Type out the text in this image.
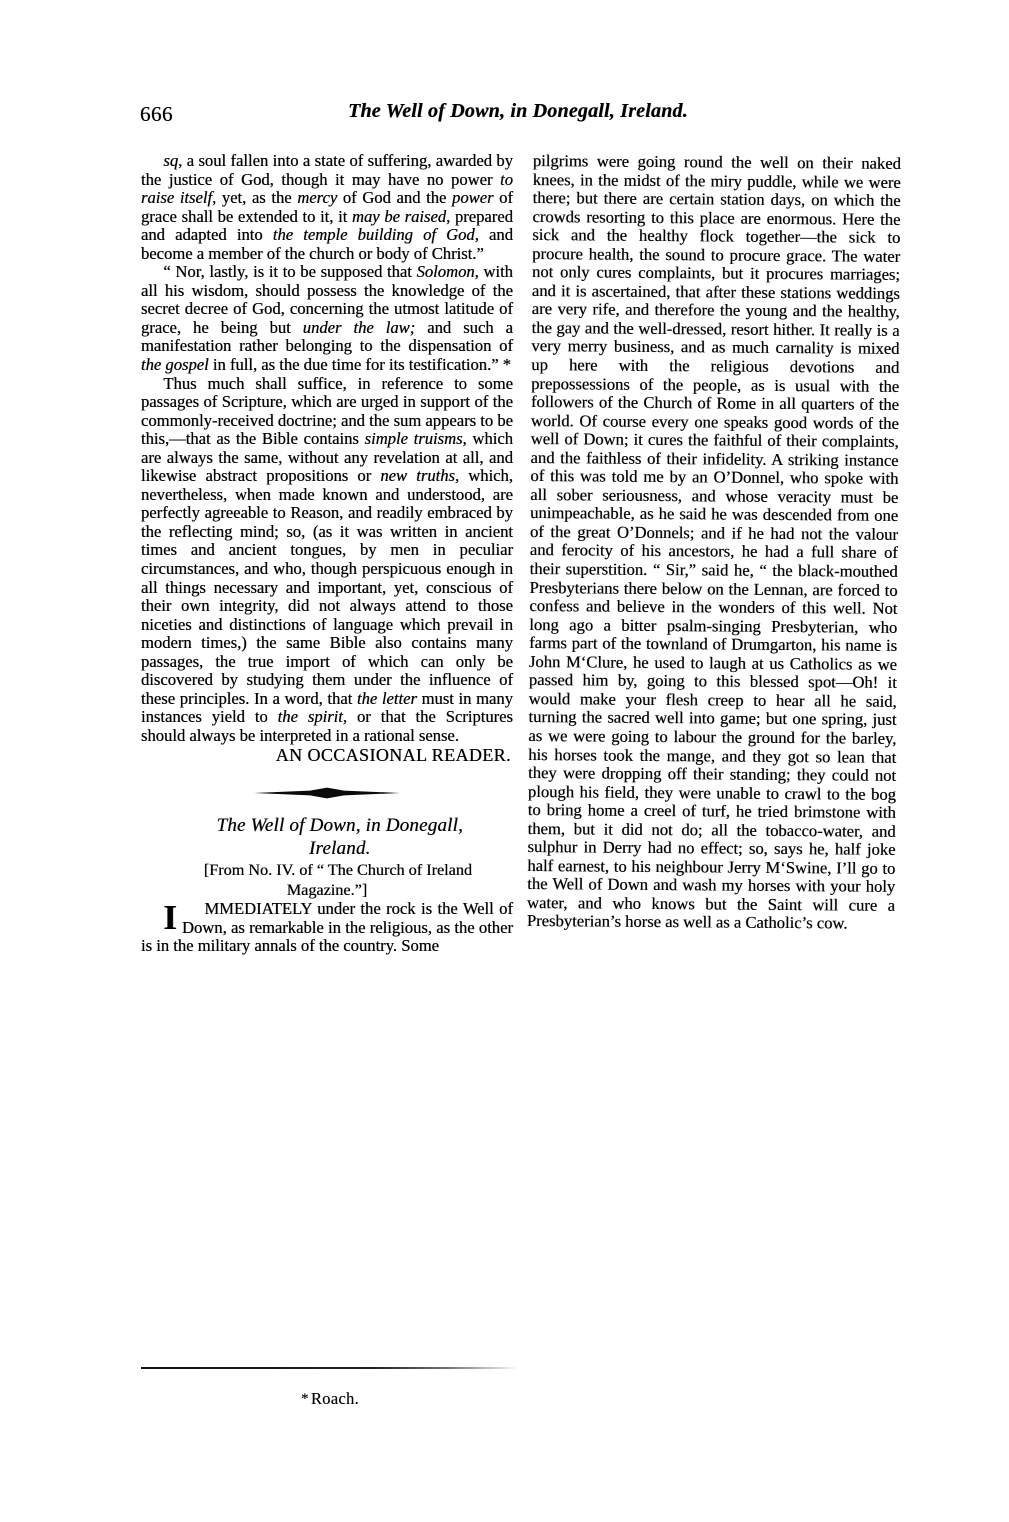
666	The Well of Down, in Donegall, Ireland.

sq, a soul fallen into a state of suffering, awarded by the justice of God, though it may have no power to raise itself, yet, as the mercy of God and the power of grace shall be extended to it, it may be raised, prepared and adapted into the temple building of God, and become a member of the church or body of Christ.”

“ Nor, lastly, is it to be supposed that Solomon, with all his wisdom, should possess the knowledge of the secret decree of God, concerning the utmost latitude of grace, he being but under the law; and such a manifestation rather belonging to the dispensation of the gospel in full, as the due time for its testification.” *

Thus much shall suffice, in reference to some passages of Scripture, which are urged in support of the commonly-received doctrine; and the sum appears to be this,—that as the Bible contains simple truisms, which are always the same, without any revelation at all, and likewise abstract propositions or new truths, which, nevertheless, when made known and understood, are perfectly agreeable to Reason, and readily embraced by the reflecting mind; so, (as it was written in ancient times and ancient tongues, by men in peculiar circumstances, and who, though perspicuous enough in all things necessary and important, yet, conscious of their own integrity, did not always attend to those niceties and distinctions of language which prevail in modern times,) the same Bible also contains many passages, the true import of which can only be discovered by studying them under the influence of these principles. In a word, that the letter must in many instances yield to the spirit, or that the Scriptures should always be interpreted in a rational sense.

AN OCCASIONAL READER.

The Well of Down, in Donegall,
Ireland.

[From No. IV. of “ The Church of Ireland Magazine.”]

I	MMEDIATELY under the rock is the Well of Down, as remarkable in the religious, as the other is in the military annals of the country. Some

pilgrims were going round the well on their naked knees, in the midst of the miry puddle, while we were there; but there are certain station days, on which the crowds resorting to this place are enormous. Here the sick and the healthy flock together—the sick to procure health, the sound to procure grace. The water not only cures complaints, but it procures marriages; and it is ascertained, that after these stations weddings are very rife, and therefore the young and the healthy, the gay and the well-dressed, resort hither. It really is a very merry business, and as much carnality is mixed up here with the religious devotions and prepossessions of the people, as is usual with the followers of the Church of Rome in all quarters of the world. Of course every one speaks good words of the well of Down; it cures the faithful of their complaints, and the faithless of their infidelity. A striking instance of this was told me by an O’Donnel, who spoke with all sober seriousness, and whose veracity must be unimpeachable, as he said he was descended from one of the great O’Donnels; and if he had not the valour and ferocity of his ancestors, he had a full share of their superstition. “ Sir,” said he, “ the black-mouthed Presbyterians there below on the Lennan, are forced to confess and believe in the wonders of this well. Not long ago a bitter psalm-singing Presbyterian, who farms part of the townland of Drumgarton, his name is John M‘Clure, he used to laugh at us Catholics as we passed him by, going to this blessed spot—Oh! it would make your flesh creep to hear all he said, turning the sacred well into game; but one spring, just as we were going to labour the ground for the barley, his horses took the mange, and they got so lean that they were dropping off their standing; they could not plough his field, they were unable to crawl to the bog to bring home a creel of turf, he tried brimstone with them, but it did not do; all the tobacco-water, and sulphur in Derry had no effect; so, says he, half joke half earnest, to his neighbour Jerry M‘Swine, I’ll go to the Well of Down and wash my horses with your holy water, and who knows but the Saint will cure a Presbyterian’s horse as well as a Catholic’s cow.

* Roach.
